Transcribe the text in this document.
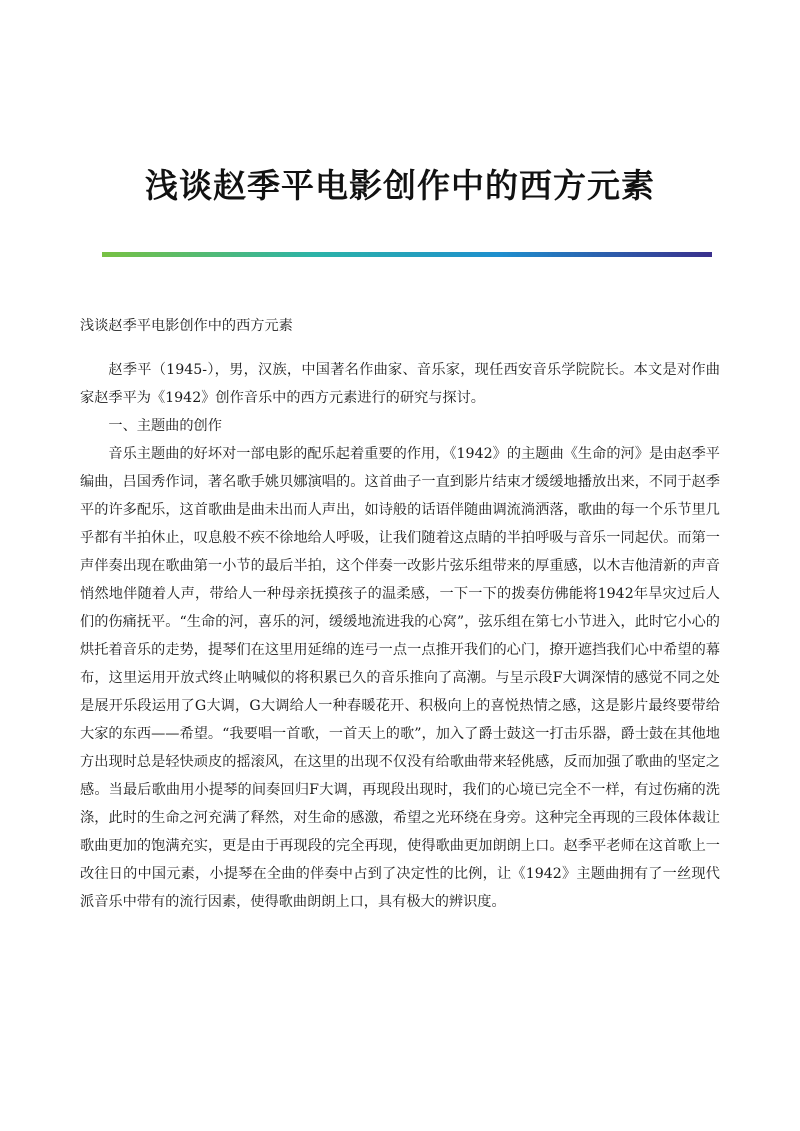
浅谈赵季平电影创作中的西方元素

浅谈赵季平电影创作中的西方元素

赵季平（1945-），男，汉族，中国著名作曲家、音乐家，现任西安音乐学院院长。本文是对作曲家赵季平为《1942》创作音乐中的西方元素进行的研究与探讨。

一、主题曲的创作

音乐主题曲的好坏对一部电影的配乐起着重要的作用，《1942》的主题曲《生命的河》是由赵季平编曲，吕国秀作词，著名歌手姚贝娜演唱的。这首曲子一直到影片结束才缓缓地播放出来，不同于赵季平的许多配乐，这首歌曲是曲未出而人声出，如诗般的话语伴随曲调流淌洒落，歌曲的每一个乐节里几乎都有半拍休止，叹息般不疾不徐地给人呼吸，让我们随着这点睛的半拍呼吸与音乐一同起伏。而第一声伴奏出现在歌曲第一小节的最后半拍，这个伴奏一改影片弦乐组带来的厚重感，以木吉他清新的声音悄然地伴随着人声，带给人一种母亲抚摸孩子的温柔感，一下一下的拨奏仿佛能将1942年旱灾过后人们的伤痛抚平。“生命的河，喜乐的河，缓缓地流进我的心窝”，弦乐组在第七小节进入，此时它小心的烘托着音乐的走势，提琴们在这里用延绵的连弓一点一点推开我们的心门，撩开遮挡我们心中希望的幕布，这里运用开放式终止呐喊似的将积累已久的音乐推向了高潮。与呈示段F大调深情的感觉不同之处是展开乐段运用了G大调，G大调给人一种春暖花开、积极向上的喜悦热情之感，这是影片最终要带给大家的东西——希望。“我要唱一首歌，一首天上的歌”，加入了爵士鼓这一打击乐器，爵士鼓在其他地方出现时总是轻快顽皮的摇滚风，在这里的出现不仅没有给歌曲带来轻佻感，反而加强了歌曲的坚定之感。当最后歌曲用小提琴的间奏回归F大调，再现段出现时，我们的心境已完全不一样，有过伤痛的洗涤，此时的生命之河充满了释然，对生命的感激，希望之光环绕在身旁。这种完全再现的三段体体裁让歌曲更加的饱满充实，更是由于再现段的完全再现，使得歌曲更加朗朗上口。赵季平老师在这首歌上一改往日的中国元素，小提琴在全曲的伴奏中占到了决定性的比例，让《1942》主题曲拥有了一丝现代派音乐中带有的流行因素，使得歌曲朗朗上口，具有极大的辨识度。
